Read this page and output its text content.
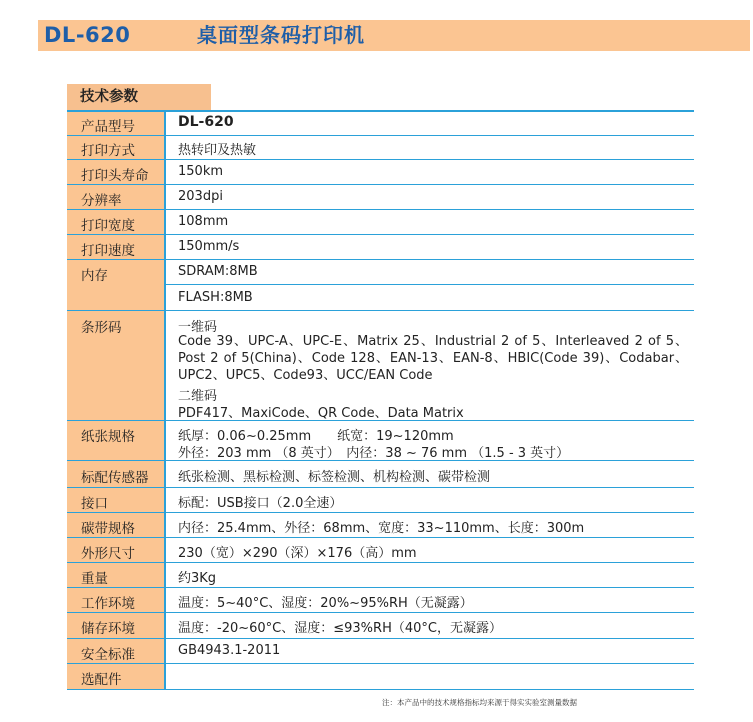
DL-620	桌面型条码打印机
技术参数
产品型号
打印方式
打印头寿命
分辨率
打印宽度
打印速度
内存
条形码
纸张规格
标配传感器
接口
碳带规格
外形尺寸
重量
工作环境
储存环境
安全标准
选配件
DL-620
热转印及热敏
150km
203dpi
108mm
150mm/s
SDRAM:8MB
FLASH:8MB
一维码
Code 39、UPC-A、UPC-E、Matrix 25、Industrial 2 of 5、Interleaved 2 of 5、Post 2 of 5(China)、Code 128、EAN-13、EAN-8、HBIC(Code 39)、Codabar、UPC2、UPC5、Code93、UCC/EAN Code
二维码
PDF417、MaxiCode、QR Code、Data Matrix
纸厚：0.06~0.25mm　　纸宽：19~120mm
外径：203 mm （8 英寸）　内径：38 ~ 76 mm （1.5 - 3 英寸）
纸张检测、黑标检测、标签检测、机构检测、碳带检测
标配：USB接口（2.0全速）
内径：25.4mm、外径：68mm、宽度：33~110mm、长度：300m
230（宽）×290（深）×176（高）mm
约3Kg
温度：5~40°C、湿度：20%~95%RH（无凝露）
温度：-20~60°C、湿度：≤93%RH（40°C，无凝露）
GB4943.1-2011
注：本产品中的技术规格指标均来源于得实实验室测量数据
